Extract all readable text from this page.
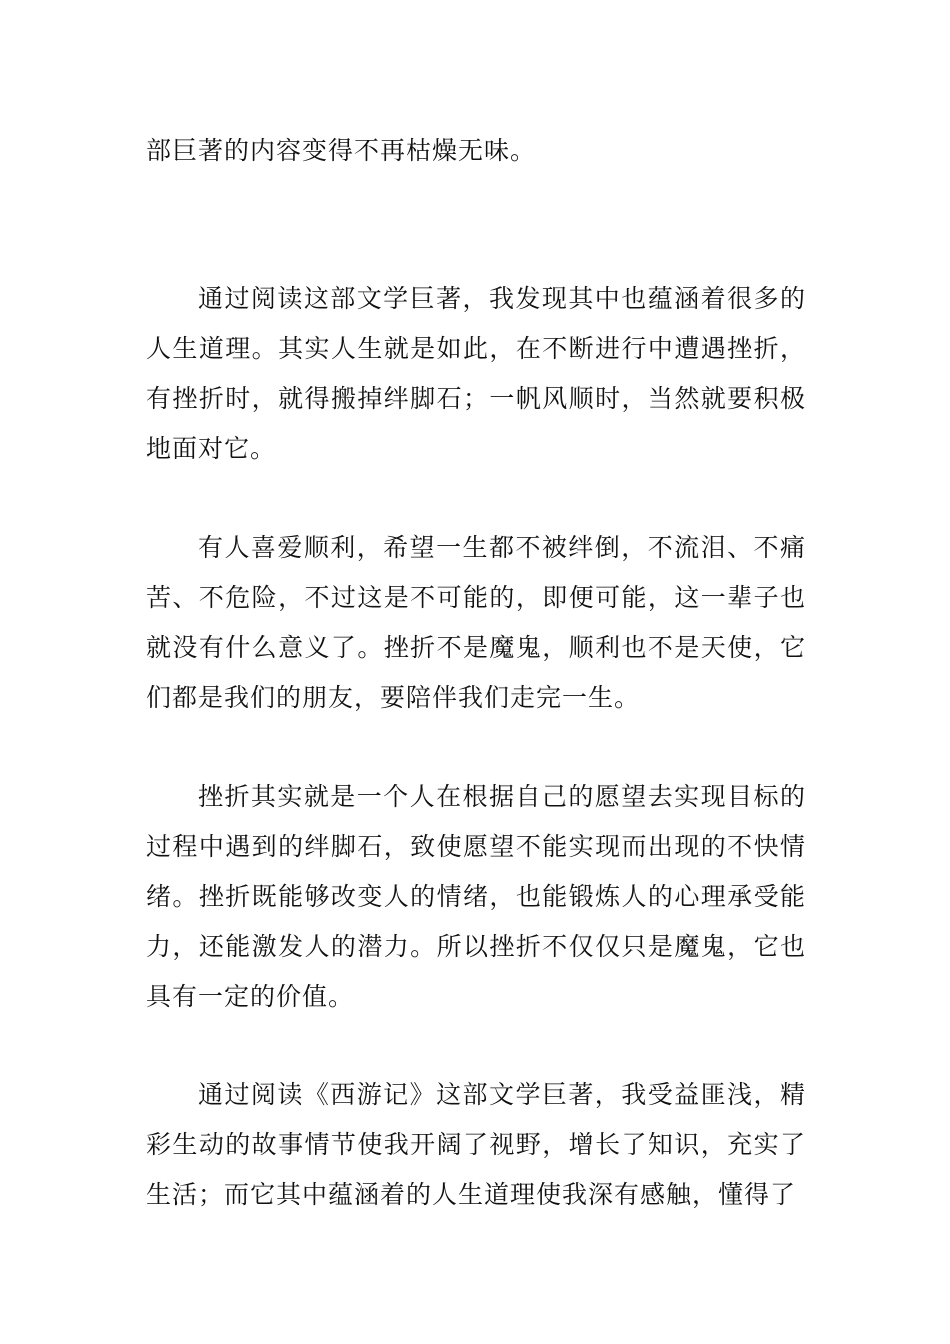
部巨著的内容变得不再枯燥无味。

通过阅读这部文学巨著，我发现其中也蕴涵着很多的人生道理。其实人生就是如此，在不断进行中遭遇挫折，有挫折时，就得搬掉绊脚石；一帆风顺时，当然就要积极地面对它。

有人喜爱顺利，希望一生都不被绊倒，不流泪、不痛苦、不危险，不过这是不可能的，即便可能，这一辈子也就没有什么意义了。挫折不是魔鬼，顺利也不是天使，它们都是我们的朋友，要陪伴我们走完一生。

挫折其实就是一个人在根据自己的愿望去实现目标的过程中遇到的绊脚石，致使愿望不能实现而出现的不快情绪。挫折既能够改变人的情绪，也能锻炼人的心理承受能力，还能激发人的潜力。所以挫折不仅仅只是魔鬼，它也具有一定的价值。

通过阅读《西游记》这部文学巨著，我受益匪浅，精彩生动的故事情节使我开阔了视野，增长了知识，充实了生活；而它其中蕴涵着的人生道理使我深有感触，懂得了
